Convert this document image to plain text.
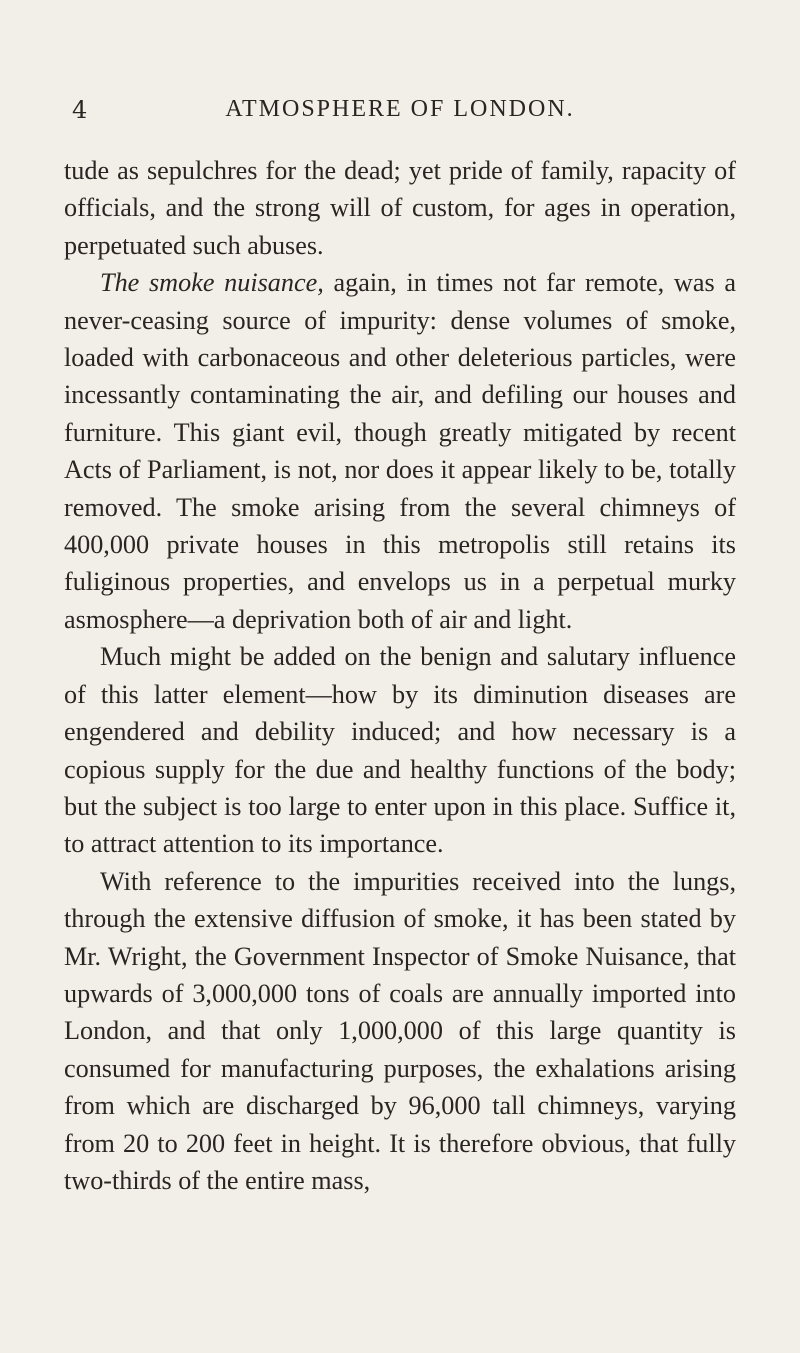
4	ATMOSPHERE OF LONDON.

tude as sepulchres for the dead; yet pride of family, rapacity of officials, and the strong will of custom, for ages in operation, perpetuated such abuses.

The smoke nuisance, again, in times not far remote, was a never-ceasing source of impurity: dense volumes of smoke, loaded with carbonaceous and other deleterious particles, were incessantly contaminating the air, and defiling our houses and furniture. This giant evil, though greatly mitigated by recent Acts of Parliament, is not, nor does it appear likely to be, totally removed. The smoke arising from the several chimneys of 400,000 private houses in this metropolis still retains its fuliginous properties, and envelops us in a perpetual murky asmosphere—a deprivation both of air and light.

Much might be added on the benign and salutary influence of this latter element—how by its diminution diseases are engendered and debility induced; and how necessary is a copious supply for the due and healthy functions of the body; but the subject is too large to enter upon in this place. Suffice it, to attract attention to its importance.

With reference to the impurities received into the lungs, through the extensive diffusion of smoke, it has been stated by Mr. Wright, the Government Inspector of Smoke Nuisance, that upwards of 3,000,000 tons of coals are annually imported into London, and that only 1,000,000 of this large quantity is consumed for manufacturing purposes, the exhalations arising from which are discharged by 96,000 tall chimneys, varying from 20 to 200 feet in height. It is therefore obvious, that fully two-thirds of the entire mass,
